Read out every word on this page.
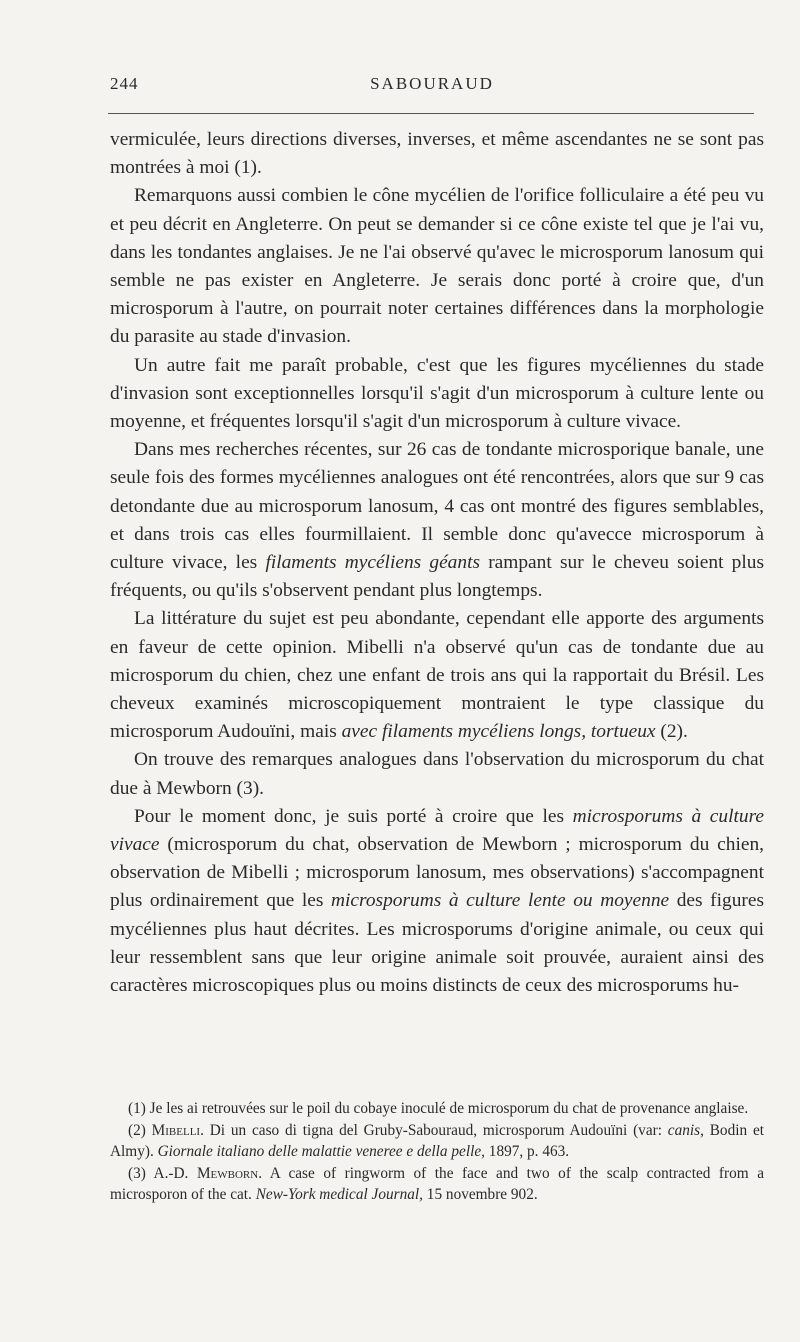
244	SABOURAUD

vermiculée, leurs directions diverses, inverses, et même ascendantes ne se sont pas montrées à moi (1).

Remarquons aussi combien le cône mycélien de l'orifice folliculaire a été peu vu et peu décrit en Angleterre. On peut se demander si ce cône existe tel que je l'ai vu, dans les tondantes anglaises. Je ne l'ai observé qu'avec le microsporum lanosum qui semble ne pas exister en Angleterre. Je serais donc porté à croire que, d'un microsporum à l'autre, on pourrait noter certaines différences dans la morphologie du parasite au stade d'invasion.

Un autre fait me paraît probable, c'est que les figures mycéliennes du stade d'invasion sont exceptionnelles lorsqu'il s'agit d'un microsporum à culture lente ou moyenne, et fréquentes lorsqu'il s'agit d'un microsporum à culture vivace.

Dans mes recherches récentes, sur 26 cas de tondante microsporique banale, une seule fois des formes mycéliennes analogues ont été rencontrées, alors que sur 9 cas detondante due au microsporum lanosum, 4 cas ont montré des figures semblables, et dans trois cas elles fourmillaient. Il semble donc qu'avecce microsporum à culture vivace, les filaments mycéliens géants rampant sur le cheveu soient plus fréquents, ou qu'ils s'observent pendant plus longtemps.

La littérature du sujet est peu abondante, cependant elle apporte des arguments en faveur de cette opinion. Mibelli n'a observé qu'un cas de tondante due au microsporum du chien, chez une enfant de trois ans qui la rapportait du Brésil. Les cheveux examinés microscopiquement montraient le type classique du microsporum Audouïni, mais avec filaments mycéliens longs, tortueux (2).

On trouve des remarques analogues dans l'observation du microsporum du chat due à Mewborn (3).

Pour le moment donc, je suis porté à croire que les microsporums à culture vivace (microsporum du chat, observation de Mewborn ; microsporum du chien, observation de Mibelli ; microsporum lanosum, mes observations) s'accompagnent plus ordinairement que les microsporums à culture lente ou moyenne des figures mycéliennes plus haut décrites. Les microsporums d'origine animale, ou ceux qui leur ressemblent sans que leur origine animale soit prouvée, auraient ainsi des caractères microscopiques plus ou moins distincts de ceux des microsporums hu-

(1) Je les ai retrouvées sur le poil du cobaye inoculé de microsporum du chat de provenance anglaise.

(2) Mibelli. Di un caso di tigna del Gruby-Sabouraud, microsporum Audouïni (var: canis, Bodin et Almy). Giornale italiano delle malattie veneree e della pelle, 1897, p. 463.

(3) A.-D. Mewborn. A case of ringworm of the face and two of the scalp contracted from a microsporon of the cat. New-York medical Journal, 15 novembre 902.
